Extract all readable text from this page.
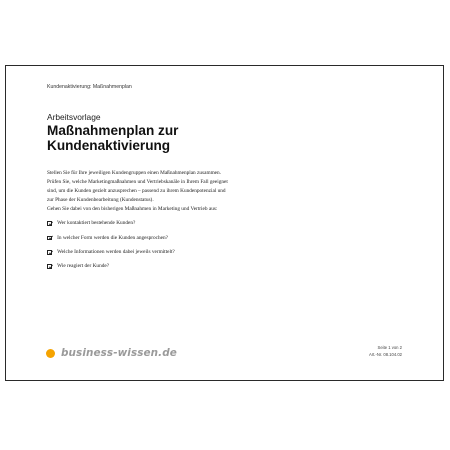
Kundenaktivierung: Maßnahmenplan
Arbeitsvorlage
Maßnahmenplan zur Kundenaktivierung

Stellen Sie für Ihre jeweiligen Kundengruppen einen Maßnahmenplan zusammen. Prüfen Sie, welche Marketingmaßnahmen und Vertriebskanäle in Ihrem Fall geeignet sind, um die Kunden gezielt anzusprechen – passend zu ihrem Kundenpotenzial und zur Phase der Kundenbearbeitung (Kundenstatus).

Gehen Sie dabei von den bisherigen Maßnahmen in Marketing und Vertrieb aus:

Wer kontaktiert bestehende Kunden?
In welcher Form werden die Kunden angesprochen?
Welche Informationen werden dabei jeweils vermittelt?
Wie reagiert der Kunde?
business-wissen.de	Seite 1 von 2
Art.-Nr. 08.104.02
